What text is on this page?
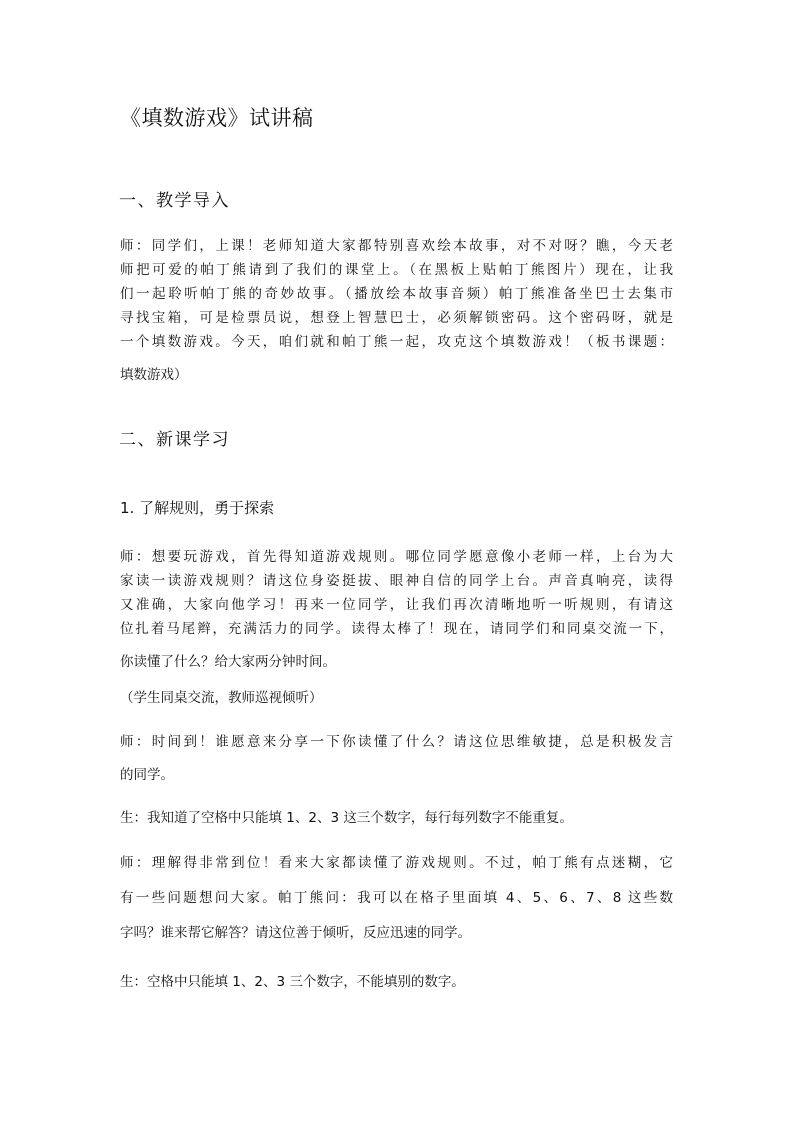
《填数游戏》试讲稿
一、教学导入
师：同学们，上课！老师知道大家都特别喜欢绘本故事，对不对呀？瞧，今天老
师把可爱的帕丁熊请到了我们的课堂上。（在黑板上贴帕丁熊图片）现在，让我
们一起聆听帕丁熊的奇妙故事。（播放绘本故事音频）帕丁熊准备坐巴士去集市
寻找宝箱，可是检票员说，想登上智慧巴士，必须解锁密码。这个密码呀，就是
一个填数游戏。今天，咱们就和帕丁熊一起，攻克这个填数游戏！（板书课题：
填数游戏）
二、新课学习
1. 了解规则，勇于探索
师：想要玩游戏，首先得知道游戏规则。哪位同学愿意像小老师一样，上台为大
家读一读游戏规则？请这位身姿挺拔、眼神自信的同学上台。声音真响亮，读得
又准确，大家向他学习！再来一位同学，让我们再次清晰地听一听规则，有请这
位扎着马尾辫，充满活力的同学。读得太棒了！现在，请同学们和同桌交流一下，
你读懂了什么？给大家两分钟时间。

（学生同桌交流，教师巡视倾听）

师：时间到！谁愿意来分享一下你读懂了什么？请这位思维敏捷，总是积极发言
的同学。

生：我知道了空格中只能填 1、2、3 这三个数字，每行每列数字不能重复。

师：理解得非常到位！看来大家都读懂了游戏规则。不过，帕丁熊有点迷糊，它
有一些问题想问大家。帕丁熊问：我可以在格子里面填 4、5、6、7、8 这些数
字吗？谁来帮它解答？请这位善于倾听，反应迅速的同学。

生：空格中只能填 1、2、3 三个数字，不能填别的数字。
